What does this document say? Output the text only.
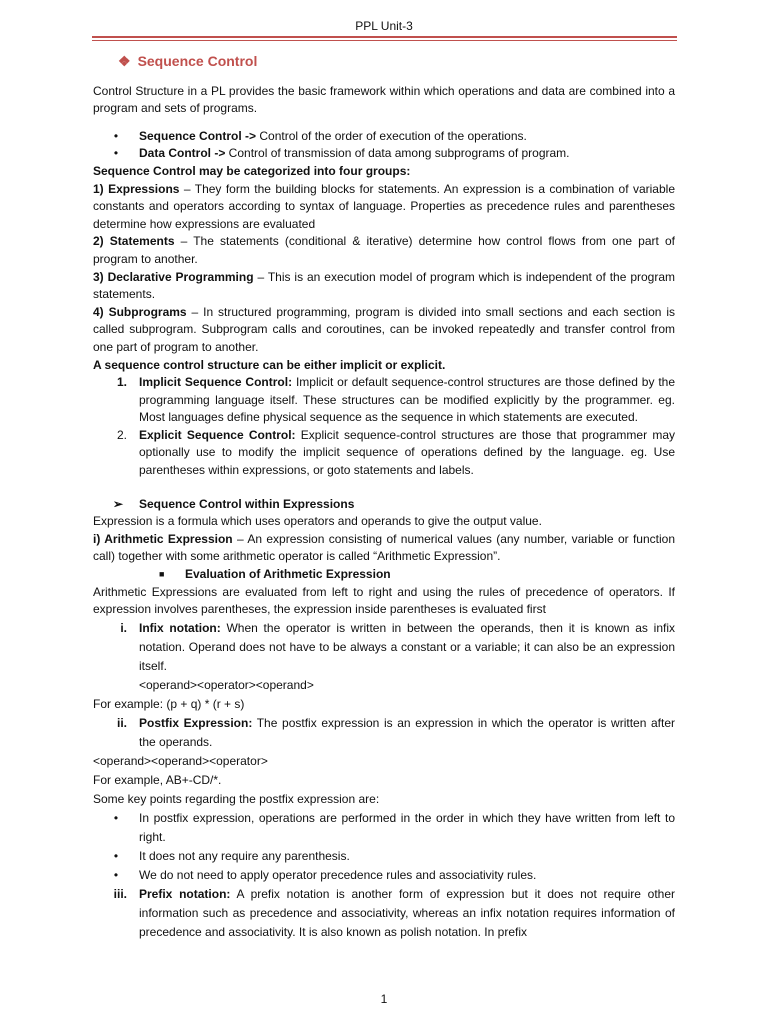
PPL Unit-3
❖ Sequence Control

Control Structure in a PL provides the basic framework within which operations and data are combined into a program and sets of programs.

•	Sequence Control -> Control of the order of execution of the operations.
•	Data Control -> Control of transmission of data among subprograms of program.

Sequence Control may be categorized into four groups:

1) Expressions – They form the building blocks for statements. An expression is a combination of variable constants and operators according to syntax of language. Properties as precedence rules and parentheses determine how expressions are evaluated

2) Statements – The statements (conditional & iterative) determine how control flows from one part of program to another.

3) Declarative Programming – This is an execution model of program which is independent of the program statements.

4) Subprograms – In structured programming, program is divided into small sections and each section is called subprogram. Subprogram calls and coroutines, can be invoked repeatedly and transfer control from one part of program to another.

A sequence control structure can be either implicit or explicit.

1. Implicit Sequence Control: Implicit or default sequence-control structures are those defined by the programming language itself. These structures can be modified explicitly by the programmer. eg. Most languages define physical sequence as the sequence in which statements are executed.
2. Explicit Sequence Control: Explicit sequence-control structures are those that programmer may optionally use to modify the implicit sequence of operations defined by the language. eg. Use parentheses within expressions, or goto statements and labels.
➢	Sequence Control within Expressions

Expression is a formula which uses operators and operands to give the output value.

i) Arithmetic Expression – An expression consisting of numerical values (any number, variable or function call) together with some arithmetic operator is called “Arithmetic Expression”.

■	Evaluation of Arithmetic Expression

Arithmetic Expressions are evaluated from left to right and using the rules of precedence of operators. If expression involves parentheses, the expression inside parentheses is evaluated first

i.	Infix notation: When the operator is written in between the operands, then it is known as infix notation. Operand does not have to be always a constant or a variable; it can also be an expression itself.
<operand><operator><operand>

For example: (p + q) * (r + s)

ii.	Postfix Expression: The postfix expression is an expression in which the operator is written after the operands.

<operand><operand><operator>

For example, AB+-CD/*.

Some key points regarding the postfix expression are:

•	In postfix expression, operations are performed in the order in which they have written from left to right.
•	It does not any require any parenthesis.
•	We do not need to apply operator precedence rules and associativity rules.
iii.	Prefix notation: A prefix notation is another form of expression but it does not require other information such as precedence and associativity, whereas an infix notation requires information of precedence and associativity. It is also known as polish notation. In prefix
1
